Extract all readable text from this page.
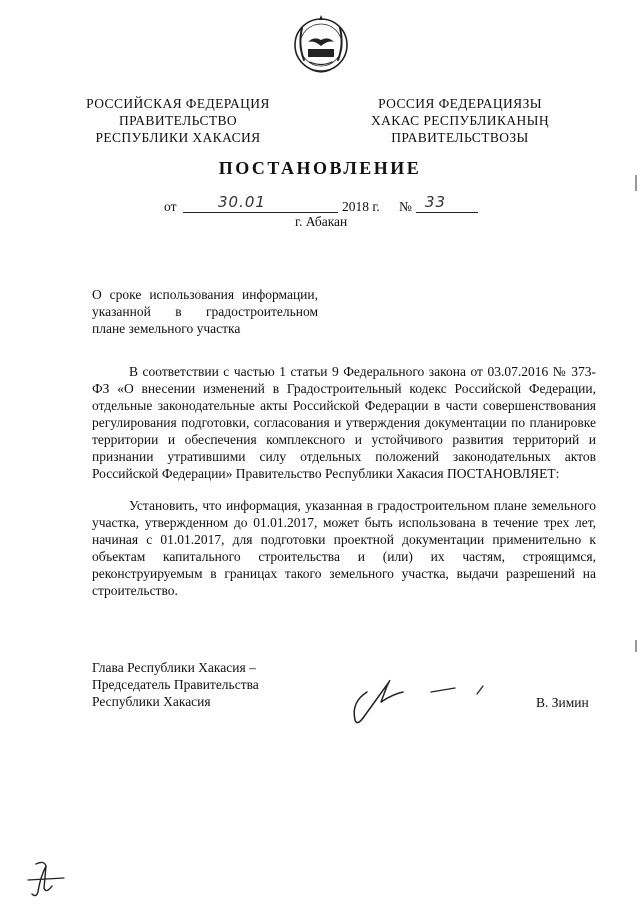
РОССИЙСКАЯ ФЕДЕРАЦИЯ
ПРАВИТЕЛЬСТВО
РЕСПУБЛИКИ ХАКАСИЯ
РОССИЯ ФЕДЕРАЦИЯЗЫ
ХАКАС РЕСПУБЛИКАНЫҢ
ПРАВИТЕЛЬСТВОЗЫ
ПОСТАНОВЛЕНИЕ
от	30.01	2018 г. № 33
г. Абакан
О сроке использования информации,
указанной в градостроительном
плане земельного участка
В соответствии с частью 1 статьи 9 Федерального закона от 03.07.2016 № 373-ФЗ «О внесении изменений в Градостроительный кодекс Российской Федерации, отдельные законодательные акты Российской Федерации в части совершенствования регулирования подготовки, согласования и утверждения документации по планировке территории и обеспечения комплексного и устойчивого развития территорий и признании утратившими силу отдельных положений законодательных актов Российской Федерации» Правительство Республики Хакасия ПОСТАНОВЛЯЕТ:
Установить, что информация, указанная в градостроительном плане земельного участка, утвержденном до 01.01.2017, может быть использована в течение трех лет, начиная с 01.01.2017, для подготовки проектной документации применительно к объектам капитального строительства и (или) их частям, строящимся, реконструируемым в границах такого земельного участка, выдачи разрешений на строительство.
Глава Республики Хакасия –
Председатель Правительства
Республики Хакасия	В. Зимин
